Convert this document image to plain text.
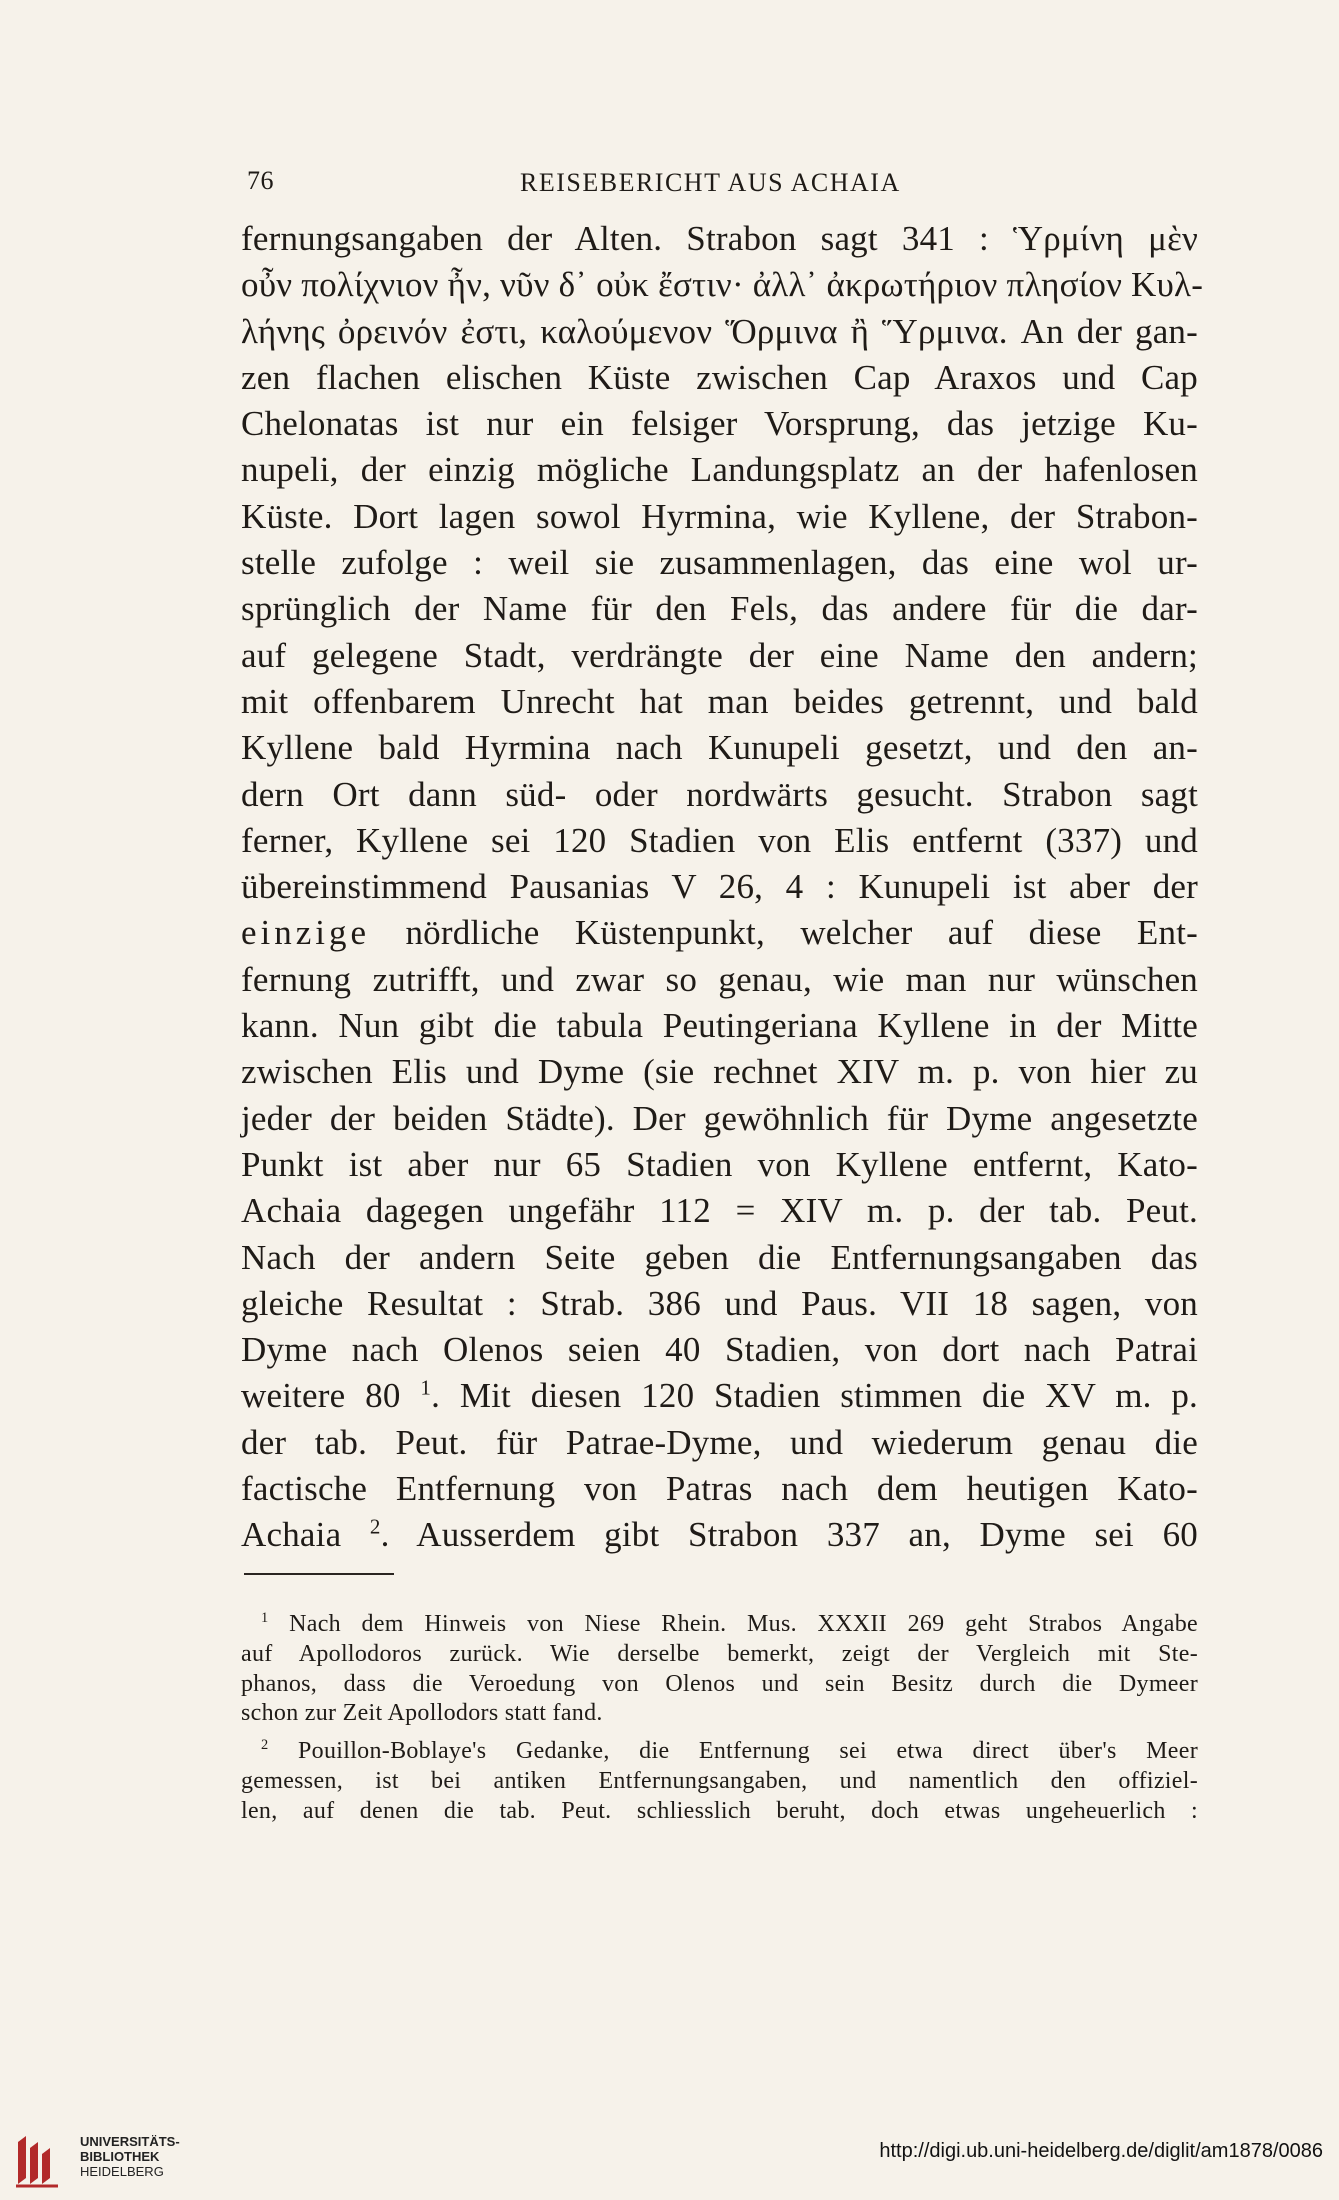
76	REISEBERICHT AUS ACHAIA
fernungsangaben der Alten. Strabon sagt 341 : Ὑρμίνη μὲν
οὖν πολίχνιον ἦν, νῦν δ᾽ οὐκ ἔστιν· ἀλλ᾽ ἀκρωτήριον πλησίον Κυλ-
λήνης ὀρεινόν ἐστι, καλούμενον Ὅρμινα ἢ Ὕρμινα. An der gan-
zen flachen elischen Küste zwischen Cap Araxos und Cap
Chelonatas ist nur ein felsiger Vorsprung, das jetzige Ku-
nupeli, der einzig mögliche Landungsplatz an der hafenlosen
Küste. Dort lagen sowol Hyrmina, wie Kyllene, der Strabon-
stelle zufolge : weil sie zusammenlagen, das eine wol ur-
sprünglich der Name für den Fels, das andere für die dar-
auf gelegene Stadt, verdrängte der eine Name den andern;
mit offenbarem Unrecht hat man beides getrennt, und bald
Kyllene bald Hyrmina nach Kunupeli gesetzt, und den an-
dern Ort dann süd- oder nordwärts gesucht. Strabon sagt
ferner, Kyllene sei 120 Stadien von Elis entfernt (337) und
übereinstimmend Pausanias V 26, 4 : Kunupeli ist aber der
einzige nördliche Küstenpunkt, welcher auf diese Ent-
fernung zutrifft, und zwar so genau, wie man nur wünschen
kann. Nun gibt die tabula Peutingeriana Kyllene in der Mitte
zwischen Elis und Dyme (sie rechnet XIV m. p. von hier zu
jeder der beiden Städte). Der gewöhnlich für Dyme angesetzte
Punkt ist aber nur 65 Stadien von Kyllene entfernt, Kato-
Achaia dagegen ungefähr 112 = XIV m. p. der tab. Peut.
Nach der andern Seite geben die Entfernungsangaben das
gleiche Resultat : Strab. 386 und Paus. VII 18 sagen, von
Dyme nach Olenos seien 40 Stadien, von dort nach Patrai
weitere 80 $^1$. Mit diesen 120 Stadien stimmen die XV m. p.
der tab. Peut. für Patrae-Dyme, und wiederum genau die
factische Entfernung von Patras nach dem heutigen Kato-
Achaia $^2$. Ausserdem gibt Strabon 337 an, Dyme sei 60
$^1$ Nach dem Hinweis von Niese Rhein. Mus. XXXII 269 geht Strabos Angabe
auf Apollodoros zurück. Wie derselbe bemerkt, zeigt der Vergleich mit Ste-
phanos, dass die Veroedung von Olenos und sein Besitz durch die Dymeer
schon zur Zeit Apollodors statt fand.
$^2$ Pouillon-Boblaye's Gedanke, die Entfernung sei etwa direct über's Meer
gemessen, ist bei antiken Entfernungsangaben, und namentlich den offiziel-
len, auf denen die tab. Peut. schliesslich beruht, doch etwas ungeheuerlich :
UNIVERSITÄTS-
BIBLIOTHEK
HEIDELBERG
http://digi.ub.uni-heidelberg.de/diglit/am1878/0086
